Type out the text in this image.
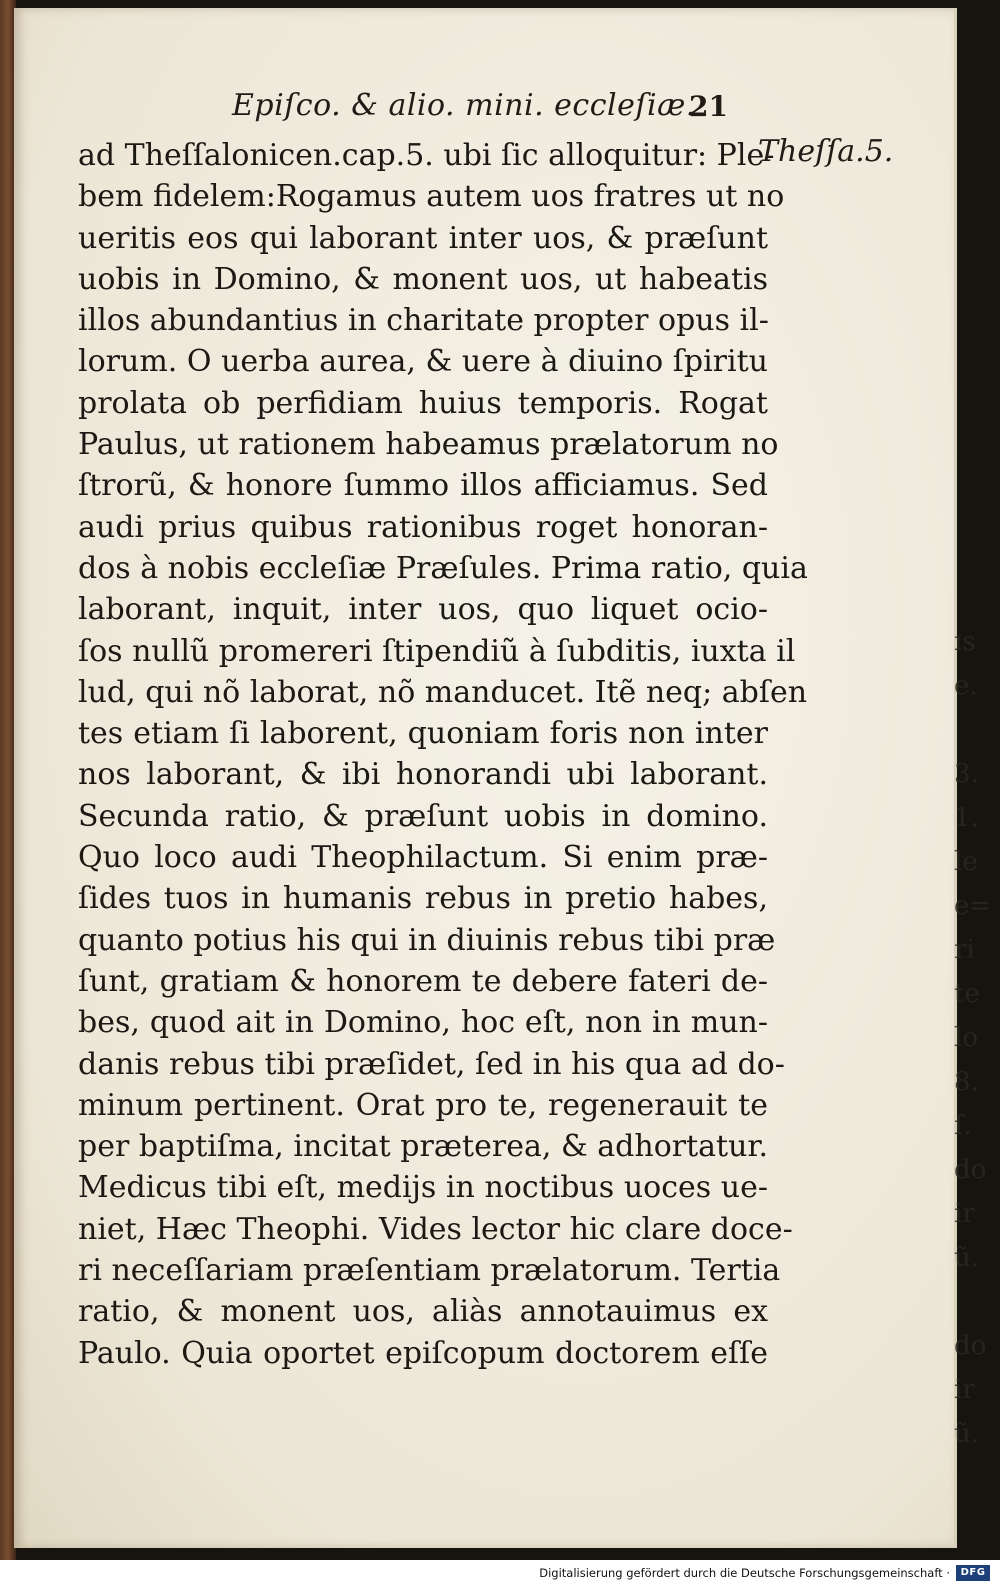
Epiſco. & alio. mini. eccleſiæ.
21
ad Theſſalonicen.cap.5. ubi ſic alloquitur: Ple-
bem fidelem:Rogamus autem uos fratres ut no
ueritis eos qui laborant inter uos, & præſunt
uobis in Domino, & monent uos, ut habeatis
illos abundantius in charitate propter opus il-
lorum. O uerba aurea, & uere à diuino ſpiritu
prolata ob perfidiam huius temporis. Rogat
Paulus, ut rationem habeamus prælatorum no
ſtrorũ, & honore ſummo illos afficiamus. Sed
audi prius quibus rationibus roget honoran-
dos à nobis eccleſiæ Præſules. Prima ratio, quia
laborant, inquit, inter uos, quo liquet ocio-
ſos nullũ promereri ſtipendiũ à ſubditis, iuxta il
lud, qui nõ laborat, nõ manducet. Itẽ neq; abſen
tes etiam ſi laborent, quoniam foris non inter
nos laborant, & ibi honorandi ubi laborant.
Secunda ratio, & præſunt uobis in domino.
Quo loco audi Theophilactum. Si enim præ-
ſides tuos in humanis rebus in pretio habes,
quanto potius his qui in diuinis rebus tibi præ
ſunt, gratiam & honorem te debere fateri de-
bes, quod ait in Domino, hoc eſt, non in mun-
danis rebus tibi præſidet, ſed in his qua ad do-
minum pertinent. Orat pro te, regenerauit te
per baptiſma, incitat præterea, & adhortatur.
Medicus tibi eſt, medijs in noctibus uoces ue-
niet, Hæc Theophi. Vides lector hic clare doce-
ri neceſſariam præſentiam prælatorum. Tertia
ratio, & monent uos, aliàs annotauimus ex
Paulo. Quia oportet epiſcopum doctorem eſſe
Theſſa.5.
ıs
e.

3.
1.
le
e=
ri
te
lo
8.
ſ.
do
ir
ũ.

do
ir
ũ.
Digitalisierung gefördert durch die Deutsche Forschungsgemeinschaft ·	DFG
